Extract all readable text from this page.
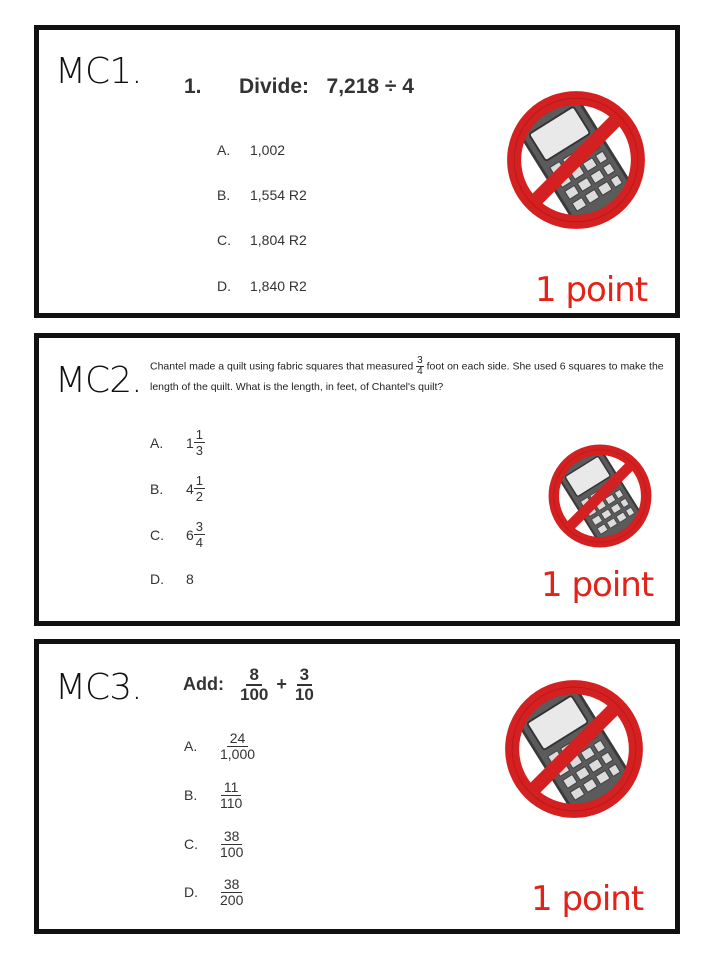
MC1. 1. Divide:   7,218 ÷ 4
A. 1,002
B. 1,554 R2
C. 1,804 R2
D. 1,840 R2	1 point
MC2. Chantel made a quilt using fabric squares that measured $\frac{3}{4}$ foot on each side. She used 6 squares to make the length of the quilt. What is the length, in feet, of Chantel's quilt?
A.	$1 \frac{1}{3}$
B.	$4 \frac{1}{2}$
C.	$6 \frac{3}{4}$
D.	8	1 point
MC3. Add: $\frac{8}{100} + \frac{3}{10}$
A.	$\frac{24}{1,000}$
B.	$\frac{11}{110}$
C.	$\frac{38}{100}$
D.	$\frac{38}{200}$	1 point
